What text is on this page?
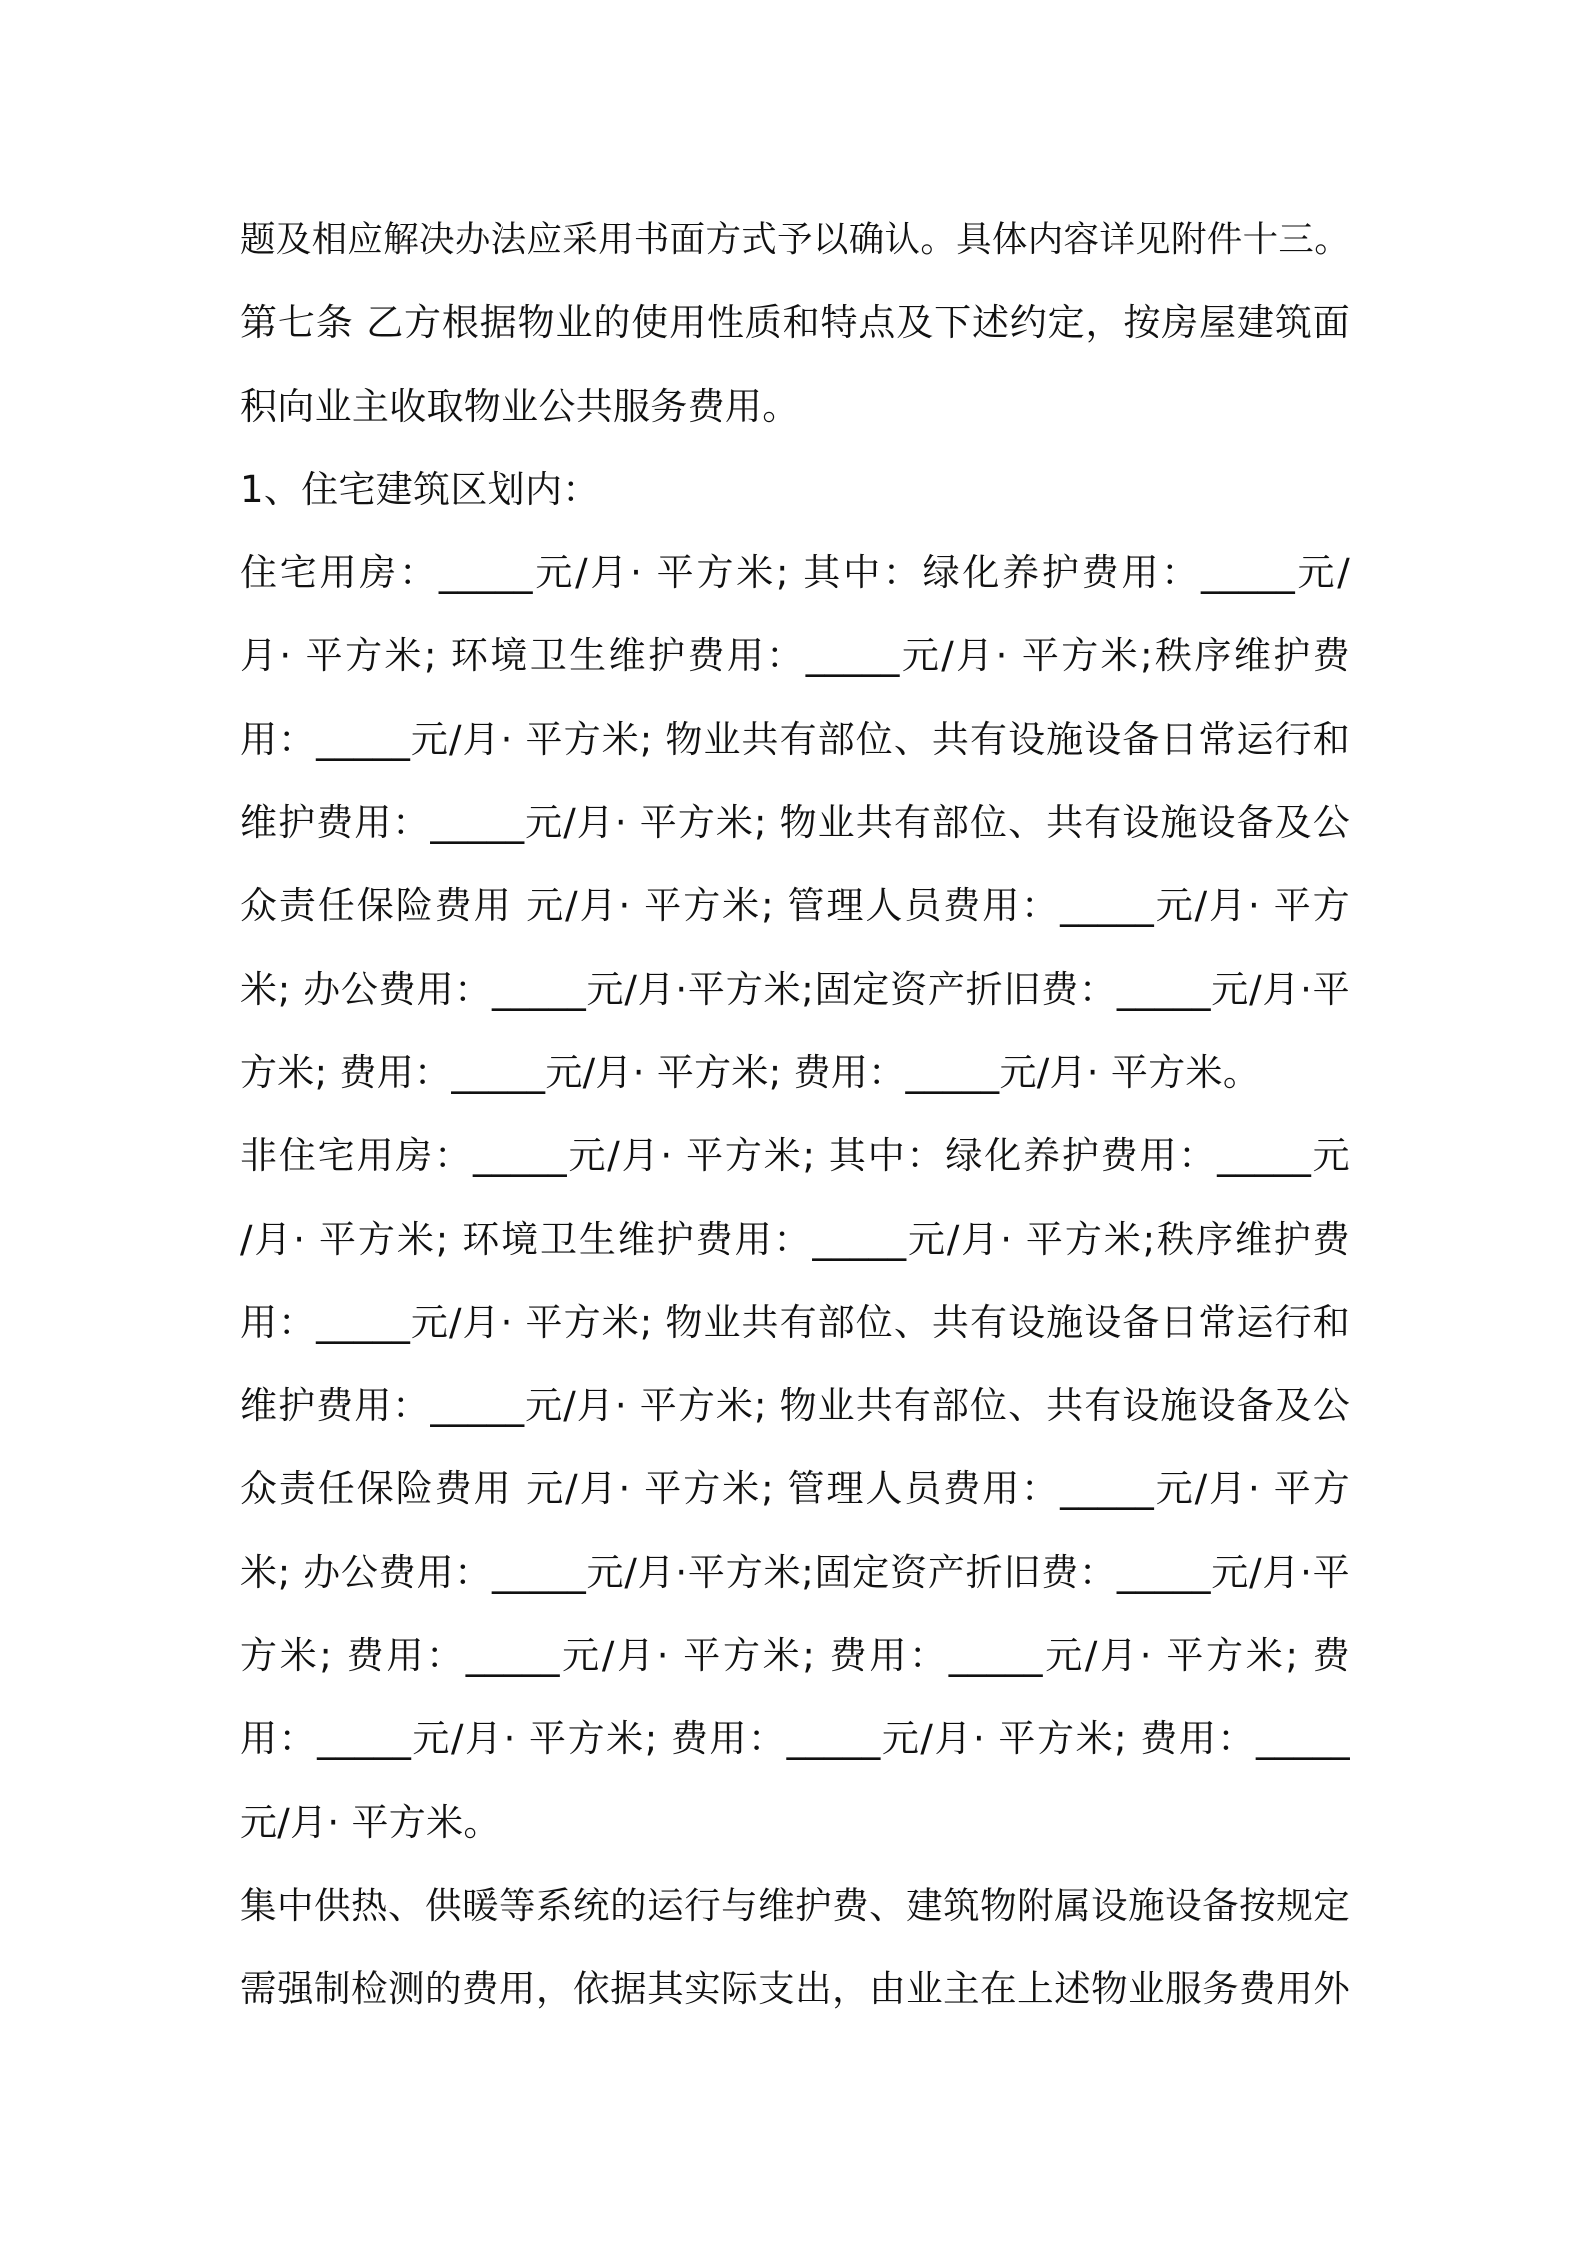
题及相应解决办法应采用书面方式予以确认。具体内容详见附件十三。
第七条 乙方根据物业的使用性质和特点及下述约定，按房屋建筑面
积向业主收取物业公共服务费用。
1、住宅建筑区划内：
住宅用房：_____元/月· 平方米; 其中：绿化养护费用：_____元/
月· 平方米; 环境卫生维护费用：_____元/月· 平方米;秩序维护费
用：_____元/月· 平方米; 物业共有部位、共有设施设备日常运行和
维护费用：_____元/月· 平方米; 物业共有部位、共有设施设备及公
众责任保险费用 元/月· 平方米; 管理人员费用：_____元/月· 平方
米; 办公费用：_____元/月·平方米;固定资产折旧费：_____元/月·平
方米; 费用：_____元/月· 平方米; 费用：_____元/月· 平方米。
非住宅用房：_____元/月· 平方米; 其中：绿化养护费用：_____元
/月· 平方米; 环境卫生维护费用：_____元/月· 平方米;秩序维护费
用：_____元/月· 平方米; 物业共有部位、共有设施设备日常运行和
维护费用：_____元/月· 平方米; 物业共有部位、共有设施设备及公
众责任保险费用 元/月· 平方米; 管理人员费用：_____元/月· 平方
米; 办公费用：_____元/月·平方米;固定资产折旧费：_____元/月·平
方米; 费用：_____元/月· 平方米; 费用：_____元/月· 平方米; 费
用：_____元/月· 平方米; 费用：_____元/月· 平方米; 费用：_____
元/月· 平方米。
集中供热、供暖等系统的运行与维护费、建筑物附属设施设备按规定
需强制检测的费用，依据其实际支出，由业主在上述物业服务费用外
